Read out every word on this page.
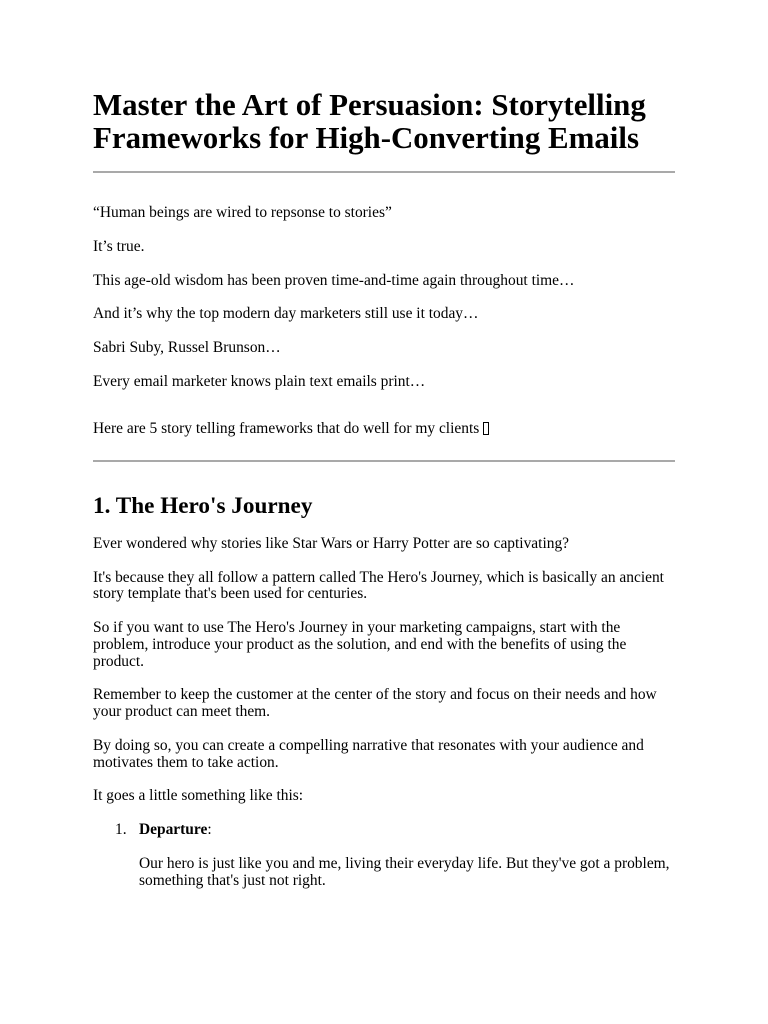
Master the Art of Persuasion: Storytelling Frameworks for High-Converting Emails

“Human beings are wired to repsonse to stories”

It’s true.

This age-old wisdom has been proven time-and-time again throughout time…

And it’s why the top modern day marketers still use it today…

Sabri Suby, Russel Brunson…

Every email marketer knows plain text emails print…

Here are 5 story telling frameworks that do well for my clients

1. The Hero's Journey

Ever wondered why stories like Star Wars or Harry Potter are so captivating?

It's because they all follow a pattern called The Hero's Journey, which is basically an ancient story template that's been used for centuries.

So if you want to use The Hero's Journey in your marketing campaigns, start with the problem, introduce your product as the solution, and end with the benefits of using the product.

Remember to keep the customer at the center of the story and focus on their needs and how your product can meet them.

By doing so, you can create a compelling narrative that resonates with your audience and motivates them to take action.

It goes a little something like this:

1. Departure:

Our hero is just like you and me, living their everyday life. But they've got a problem, something that's just not right.
